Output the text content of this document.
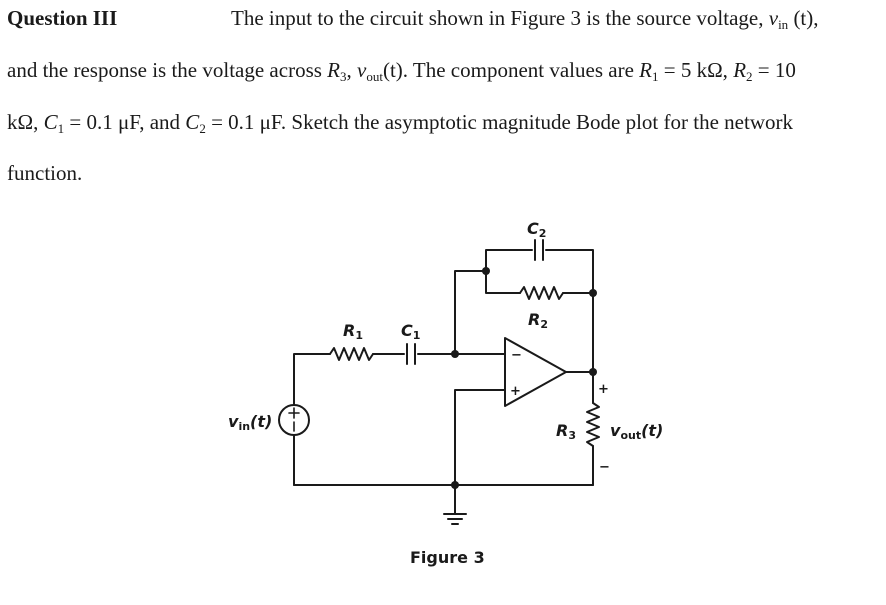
Question III	The input to the circuit shown in Figure 3 is the source voltage, $v_{in}$ (t),
and the response is the voltage across $R_3$, $v_{out}(t)$. The component values are $R_1 = 5$ kΩ, $R_2 = 10$
kΩ, $C_1 = 0.1$ μF, and $C_2 = 0.1$ μF. Sketch the asymptotic magnitude Bode plot for the network
function.
−
+	+
−
C2
R2
R1 C1
R3
vin(t)	vout(t)
Figure 3
